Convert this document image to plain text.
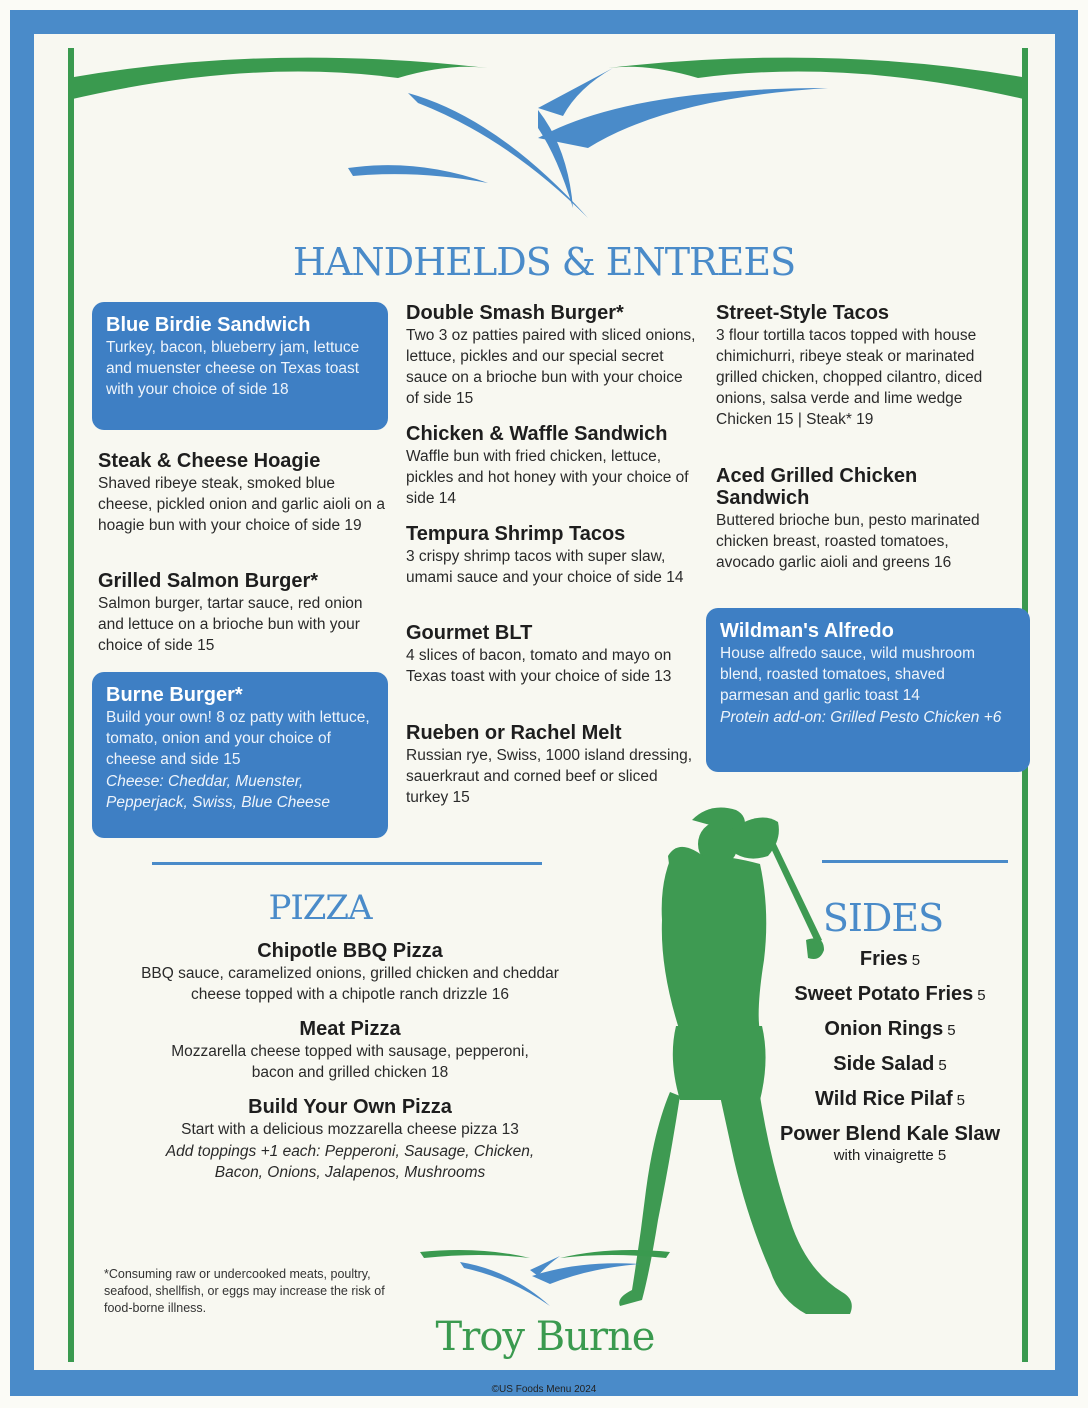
HANDHELDS & ENTREES
Blue Birdie Sandwich
Turkey, bacon, blueberry jam, lettuce and muenster cheese on Texas toast with your choice of side 18
Steak & Cheese Hoagie
Shaved ribeye steak, smoked blue cheese, pickled onion and garlic aioli on a hoagie bun with your choice of side 19
Grilled Salmon Burger*
Salmon burger, tartar sauce, red onion and lettuce on a brioche bun with your choice of side 15
Burne Burger*
Build your own! 8 oz patty with lettuce, tomato, onion and your choice of cheese and side 15
Cheese: Cheddar, Muenster, Pepperjack, Swiss, Blue Cheese
Double Smash Burger*
Two 3 oz patties paired with sliced onions, lettuce, pickles and our special secret sauce on a brioche bun with your choice of side 15
Chicken & Waffle Sandwich
Waffle bun with fried chicken, lettuce, pickles and hot honey with your choice of side 14
Tempura Shrimp Tacos
3 crispy shrimp tacos with super slaw, umami sauce and your choice of side 14
Gourmet BLT
4 slices of bacon, tomato and mayo on Texas toast with your choice of side 13
Rueben or Rachel Melt
Russian rye, Swiss, 1000 island dressing, sauerkraut and corned beef or sliced turkey 15
Street-Style Tacos
3 flour tortilla tacos topped with house chimichurri, ribeye steak or marinated grilled chicken, chopped cilantro, diced onions, salsa verde and lime wedge
Chicken 15 | Steak* 19
Aced Grilled Chicken Sandwich
Buttered brioche bun, pesto marinated chicken breast, roasted tomatoes, avocado garlic aioli and greens 16
Wildman's Alfredo
House alfredo sauce, wild mushroom blend, roasted tomatoes, shaved parmesan and garlic toast 14
Protein add-on: Grilled Pesto Chicken +6
PIZZA
Chipotle BBQ Pizza
BBQ sauce, caramelized onions, grilled chicken and cheddar cheese topped with a chipotle ranch drizzle 16
Meat Pizza
Mozzarella cheese topped with sausage, pepperoni, bacon and grilled chicken 18
Build Your Own Pizza
Start with a delicious mozzarella cheese pizza 13
Add toppings +1 each: Pepperoni, Sausage, Chicken, Bacon, Onions, Jalapenos, Mushrooms
SIDES
Fries 5
Sweet Potato Fries 5
Onion Rings 5
Side Salad 5
Wild Rice Pilaf 5
Power Blend Kale Slaw
with vinaigrette 5
*Consuming raw or undercooked meats, poultry, seafood, shellfish, or eggs may increase the risk of food-borne illness.
Troy Burne
©US Foods Menu 2024
